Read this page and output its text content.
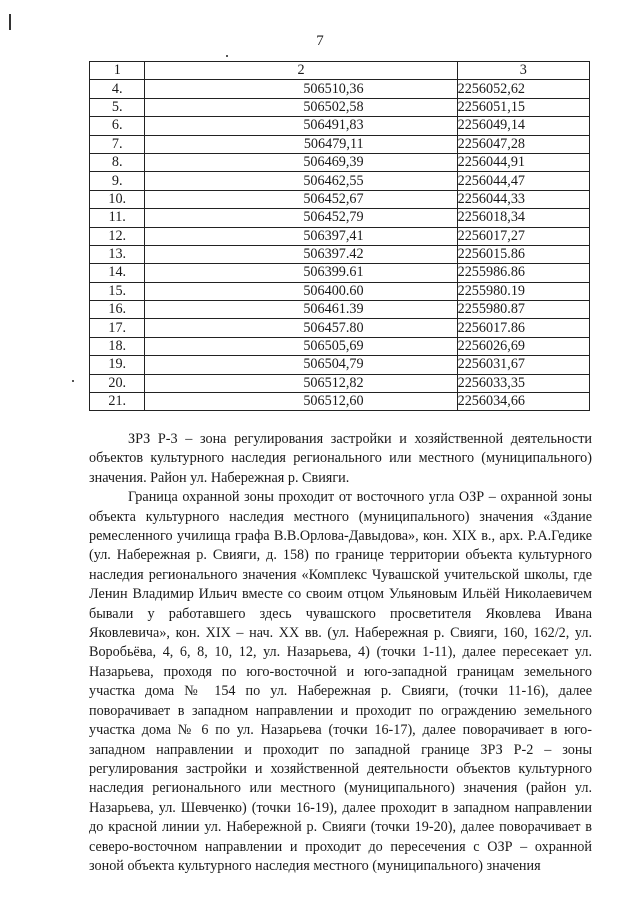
7
1	2	3
4.	506510,36	2256052,62
5.	506502,58	2256051,15
6.	506491,83	2256049,14
7.	506479,11	2256047,28
8.	506469,39	2256044,91
9.	506462,55	2256044,47
10.	506452,67	2256044,33
11.	506452,79	2256018,34
12.	506397,41	2256017,27
13.	506397.42	2256015.86
14.	506399.61	2255986.86
15.	506400.60	2255980.19
16.	506461.39	2255980.87
17.	506457.80	2256017.86
18.	506505,69	2256026,69
19.	506504,79	2256031,67
20.	506512,82	2256033,35
21.	506512,60	2256034,66

ЗРЗ Р-3 – зона регулирования застройки и хозяйственной деятельности объектов культурного наследия регионального или местного (муниципального) значения. Район ул. Набережная р. Свияги.

Граница охранной зоны проходит от восточного угла ОЗР – охранной зоны объекта культурного наследия местного (муниципального) значения «Здание ремесленного училища графа В.В.Орлова-Давыдова», кон. XIX в., арх. Р.А.Гедике (ул. Набережная р. Свияги, д. 158) по границе территории объекта культурного наследия регионального значения «Комплекс Чувашской учительской школы, где Ленин Владимир Ильич вместе со своим отцом Ульяновым Ильёй Николаевичем бывали у работавшего здесь чувашского просветителя Яковлева Ивана Яковлевича», кон. XIX – нач. XX вв. (ул. Набережная р. Свияги, 160, 162/2, ул. Воробьёва, 4, 6, 8, 10, 12, ул. Назарьева, 4) (точки 1-11), далее пересекает ул. Назарьева, проходя по юго-восточной и юго-западной границам земельного участка дома № 154 по ул. Набережная р. Свияги, (точки 11-16), далее поворачивает в западном направлении и проходит по ограждению земельного участка дома № 6 по ул. Назарьева (точки 16-17), далее поворачивает в юго-западном направлении и проходит по западной границе ЗРЗ Р-2 – зоны регулирования застройки и хозяйственной деятельности объектов культурного наследия регионального или местного (муниципального) значения (район ул. Назарьева, ул. Шевченко) (точки 16-19), далее проходит в западном направлении до красной линии ул. Набережной р. Свияги (точки 19-20), далее поворачивает в северо-восточном направлении и проходит до пересечения с ОЗР – охранной зоной объекта культурного наследия местного (муниципального) значения
